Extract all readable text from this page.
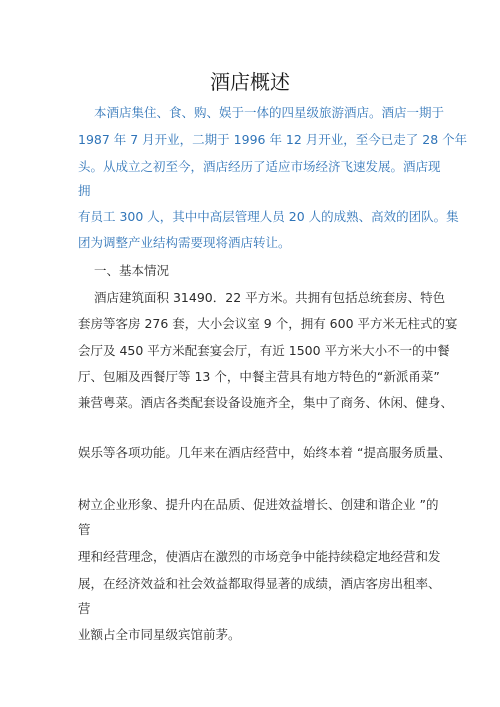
酒店概述
本酒店集住、食、购、娱于一体的四星级旅游酒店。酒店一期于
1987 年 7 月开业，二期于 1996 年 12 月开业，至今已走了 28 个年
头。从成立之初至今，酒店经历了适应市场经济飞速发展。酒店现
拥
有员工 300 人，其中中高层管理人员 20 人的成熟、高效的团队。集
团为调整产业结构需要现将酒店转让。
一、基本情况
酒店建筑面积 31490．22 平方米。共拥有包括总统套房、特色
套房等客房 276 套，大小会议室 9 个，拥有 600 平方米无柱式的宴
会厅及 450 平方米配套宴会厅，有近 1500 平方米大小不一的中餐
厅、包厢及西餐厅等 13 个，中餐主营具有地方特色的“新派甬菜”
兼营粤菜。酒店各类配套设备设施齐全，集中了商务、休闲、健身、
娱乐等各项功能。几年来在酒店经营中，始终本着 “提高服务质量、
树立企业形象、提升内在品质、促进效益增长、创建和谐企业 ”的
管
理和经营理念，使酒店在激烈的市场竞争中能持续稳定地经营和发
展，在经济效益和社会效益都取得显著的成绩，酒店客房出租率、
营
业额占全市同星级宾馆前茅。
